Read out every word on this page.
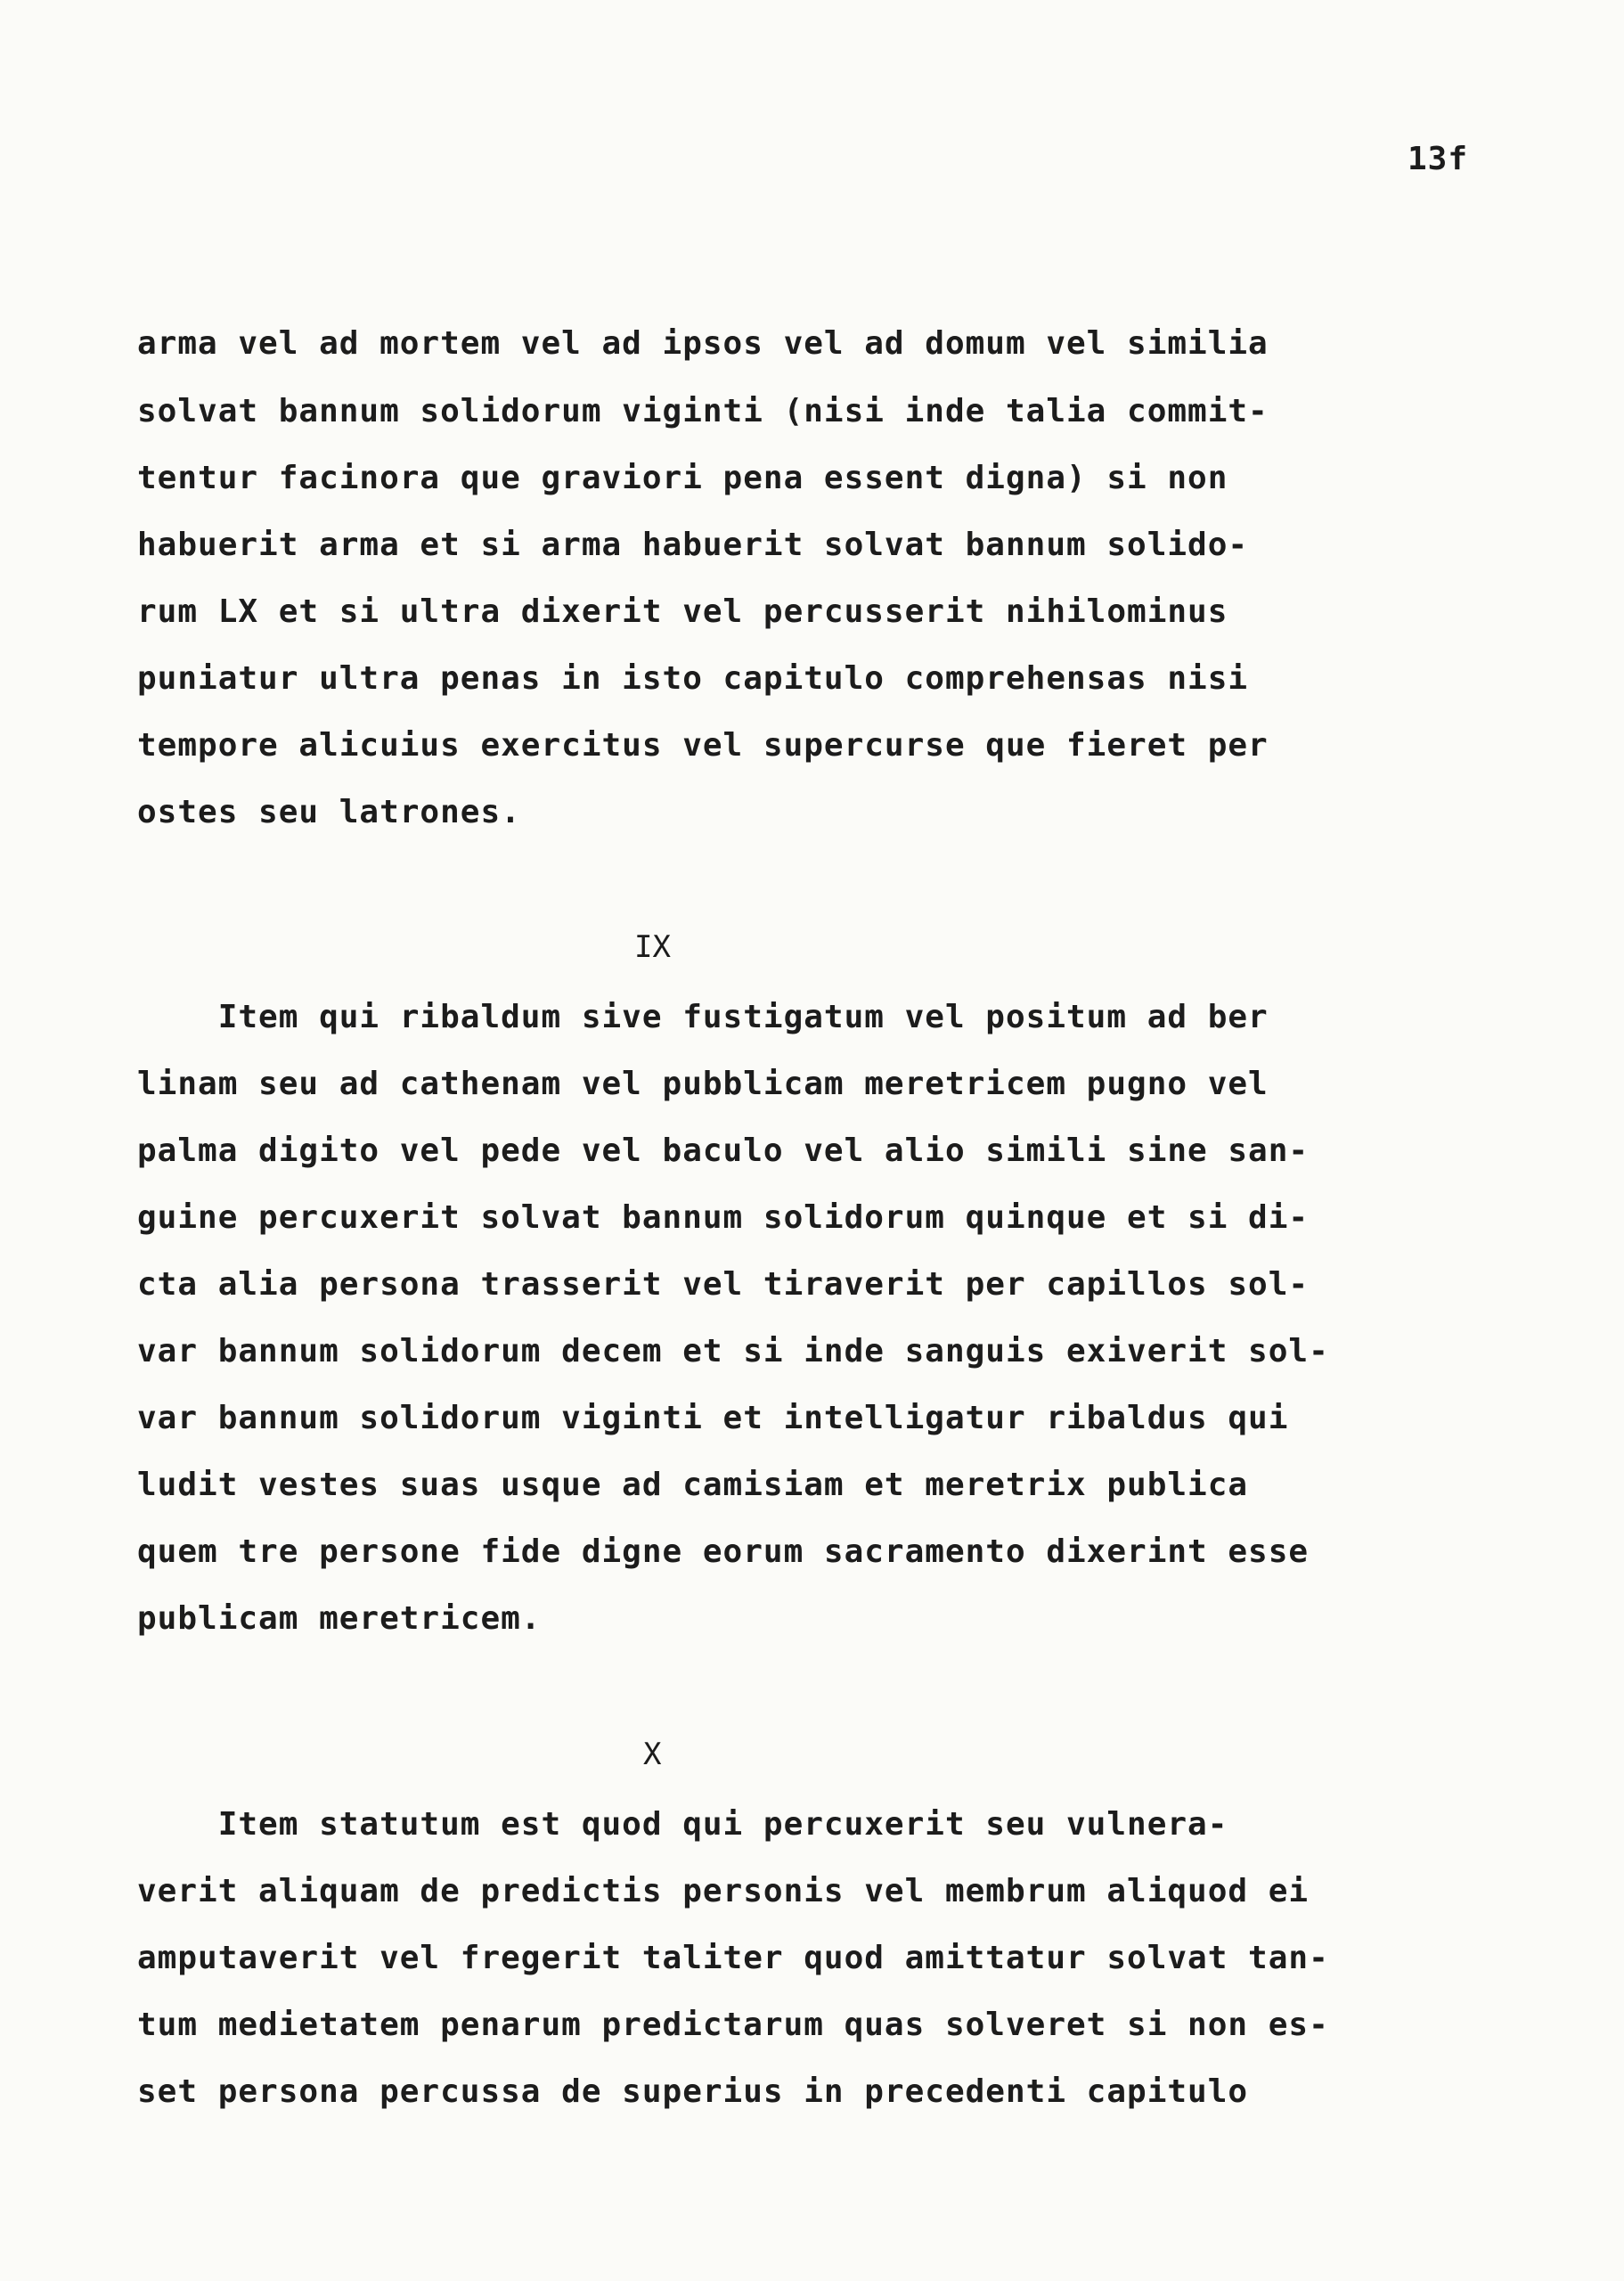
13f
arma vel ad mortem vel ad ipsos vel ad domum vel similia
solvat bannum solidorum viginti (nisi inde talia commit-
tentur facinora que graviori pena essent digna) si non
habuerit arma et si arma habuerit solvat bannum solido-
rum LX et si ultra dixerit vel percusserit nihilominus
puniatur ultra penas in isto capitulo comprehensas nisi
tempore alicuius exercitus vel supercurse que fieret per
ostes seu latrones.
IX
Item qui ribaldum sive fustigatum vel positum ad ber
linam seu ad cathenam vel pubblicam meretricem pugno vel
palma digito vel pede vel baculo vel alio simili sine san-
guine percuxerit solvat bannum solidorum quinque et si di-
cta alia persona trasserit vel tiraverit per capillos sol-
var bannum solidorum decem et si inde sanguis exiverit sol-
var bannum solidorum viginti et intelligatur ribaldus qui
ludit vestes suas usque ad camisiam et meretrix publica
quem tre persone fide digne eorum sacramento dixerint esse
publicam meretricem.
X
Item statutum est quod qui percuxerit seu vulnera-
verit aliquam de predictis personis vel membrum aliquod ei
amputaverit vel fregerit taliter quod amittatur solvat tan-
tum medietatem penarum predictarum quas solveret si non es-
set persona percussa de superius in precedenti capitulo
